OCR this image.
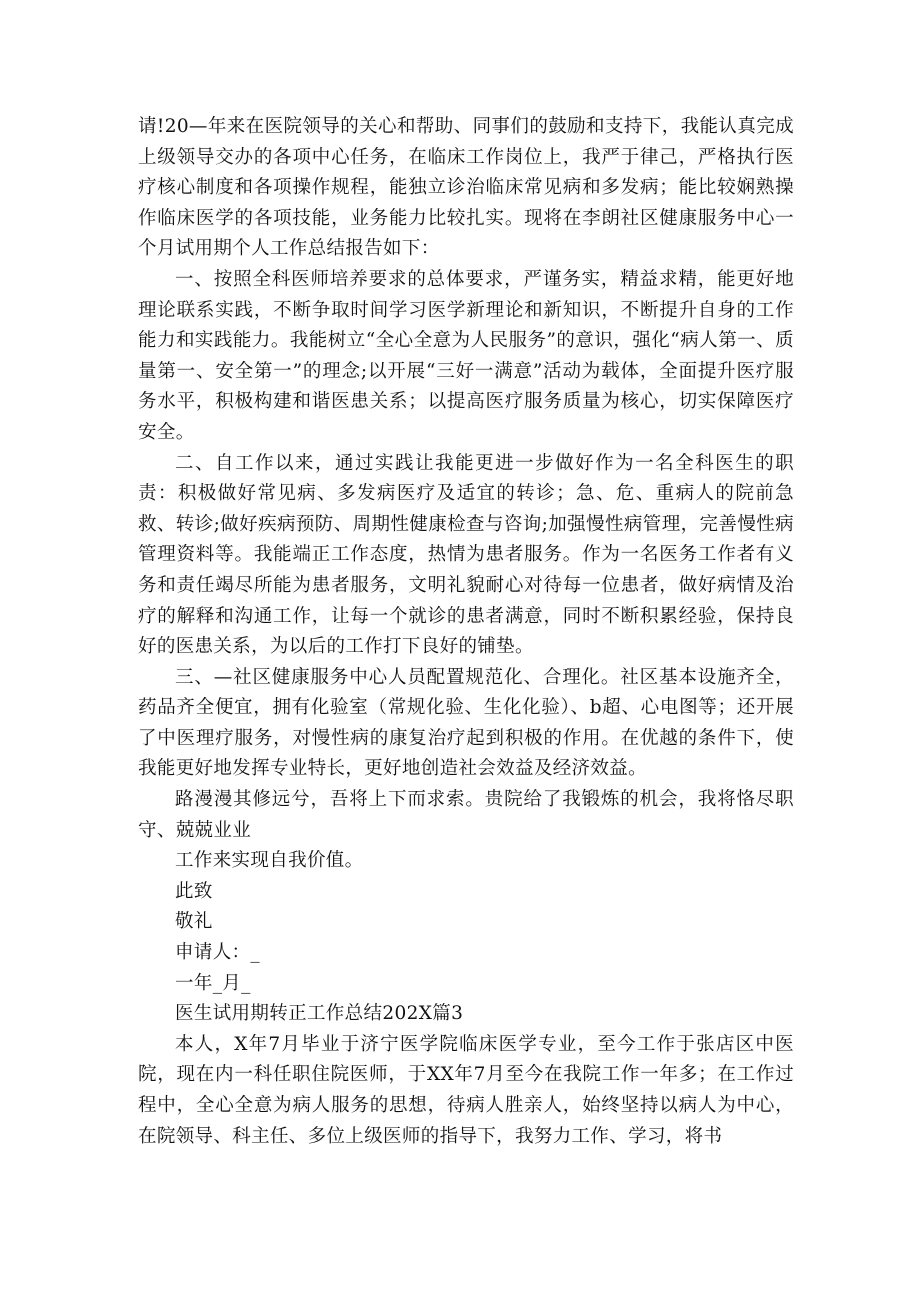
请!20—年来在医院领导的关心和帮助、同事们的鼓励和支持下，我能认真完成上级领导交办的各项中心任务，在临床工作岗位上，我严于律己，严格执行医疗核心制度和各项操作规程，能独立诊治临床常见病和多发病；能比较娴熟操作临床医学的各项技能，业务能力比较扎实。现将在李朗社区健康服务中心一个月试用期个人工作总结报告如下：

一、按照全科医师培养要求的总体要求，严谨务实，精益求精，能更好地理论联系实践，不断争取时间学习医学新理论和新知识，不断提升自身的工作能力和实践能力。我能树立“全心全意为人民服务”的意识，强化“病人第一、质量第一、安全第一”的理念;以开展“三好一满意”活动为载体，全面提升医疗服务水平，积极构建和谐医患关系；以提高医疗服务质量为核心，切实保障医疗安全。

二、自工作以来，通过实践让我能更进一步做好作为一名全科医生的职责：积极做好常见病、多发病医疗及适宜的转诊；急、危、重病人的院前急救、转诊;做好疾病预防、周期性健康检查与咨询;加强慢性病管理，完善慢性病管理资料等。我能端正工作态度，热情为患者服务。作为一名医务工作者有义务和责任竭尽所能为患者服务，文明礼貌耐心对待每一位患者，做好病情及治疗的解释和沟通工作，让每一个就诊的患者满意，同时不断积累经验，保持良好的医患关系，为以后的工作打下良好的铺垫。

三、—社区健康服务中心人员配置规范化、合理化。社区基本设施齐全，药品齐全便宜，拥有化验室（常规化验、生化化验）、b超、心电图等；还开展了中医理疗服务，对慢性病的康复治疗起到积极的作用。在优越的条件下，使我能更好地发挥专业特长，更好地创造社会效益及经济效益。

路漫漫其修远兮，吾将上下而求索。贵院给了我锻炼的机会，我将恪尽职守、兢兢业业

工作来实现自我价值。

此致

敬礼

申请人：_

一年_月_

医生试用期转正工作总结202X篇3

本人，X年7月毕业于济宁医学院临床医学专业，至今工作于张店区中医院，现在内一科任职住院医师，于XX年7月至今在我院工作一年多；在工作过程中，全心全意为病人服务的思想，待病人胜亲人，始终坚持以病人为中心，在院领导、科主任、多位上级医师的指导下，我努力工作、学习，将书
